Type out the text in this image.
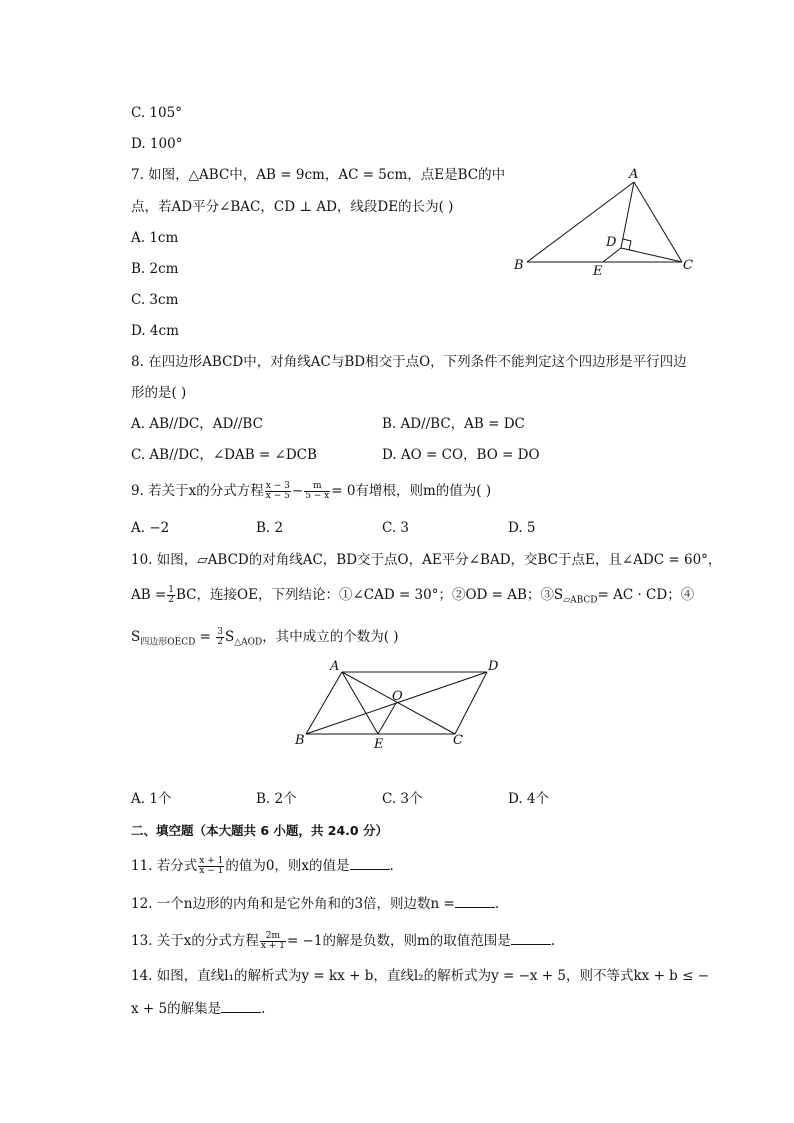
C. 105°
D. 100°
7. 如图，△ABC中，AB = 9cm，AC = 5cm，点E是BC的中
点，若AD平分∠BAC，CD ⊥ AD，线段DE的长为( )
A. 1cm
B. 2cm
C. 3cm
D. 4cm
A
B	C
D
E
8. 在四边形ABCD中，对角线AC与BD相交于点O，下列条件不能判定这个四边形是平行四边
形的是( )
A. AB//DC，AD//BC	B. AD//BC，AB = DC
C. AB//DC，∠DAB = ∠DCB	D. AO = CO，BO = DO
9. 若关于x的分式方程 $\frac{x - 3}{x - 5} - \frac{m}{5 - x} = 0$有增根，则m的值为( )
A. −2	B. 2	C. 3	D. 5
10. 如图，▱ABCD的对角线AC，BD交于点O，AE平分∠BAD，交BC于点E，且∠ADC = 60°，
AB = $\frac{1}{2}$ BC，连接OE，下列结论：①∠CAD = 30°；②OD = AB；$③S_{▱ABCD}=$ AC · CD；④
$S_{四边形OECD} = \frac{3}{2} S_{\triangle AOD}$，其中成立的个数为( )
A	D
B	C
E
O
A. 1个	B. 2个	C. 3个	D. 4个
二、填空题（本大题共 6 小题，共 24.0 分）
11. 若分式 $\frac{x + 1}{x - 1}$ 的值为0，则x的值是	.
12. 一个n边形的内角和是它外角和的3倍，则边数n =	.
13. 关于x的分式方程 $\frac{2m}{x + 1} = -1$的解是负数，则m的取值范围是	.
14. 如图，直线l₁的解析式为y = kx + b，直线l₂的解析式为y = −x + 5，则不等式kx + b ≤ −
x + 5的解集是	.
